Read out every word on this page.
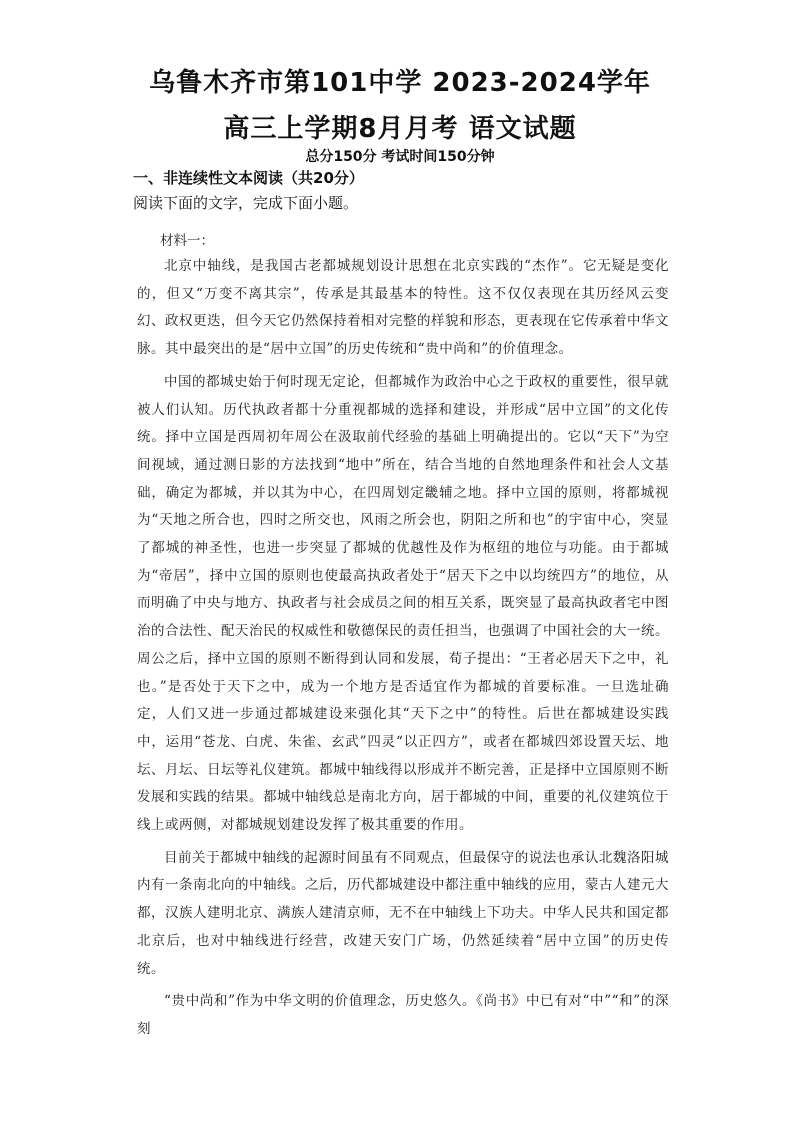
乌鲁木齐市第101中学 2023-2024学年
高三上学期8月月考 语文试题
总分150分 考试时间150分钟
一、非连续性文本阅读（共20分）
阅读下面的文字，完成下面小题。
材料一：

北京中轴线，是我国古老都城规划设计思想在北京实践的“杰作”。它无疑是变化的，但又“万变不离其宗”，传承是其最基本的特性。这不仅仅表现在其历经风云变幻、政权更迭，但今天它仍然保持着相对完整的样貌和形态，更表现在它传承着中华文脉。其中最突出的是“居中立国”的历史传统和“贵中尚和”的价值理念。

中国的都城史始于何时现无定论，但都城作为政治中心之于政权的重要性，很早就被人们认知。历代执政者都十分重视都城的选择和建设，并形成“居中立国”的文化传统。择中立国是西周初年周公在汲取前代经验的基础上明确提出的。它以“天下”为空间视域，通过测日影的方法找到“地中”所在，结合当地的自然地理条件和社会人文基础，确定为都城，并以其为中心，在四周划定畿辅之地。择中立国的原则，将都城视为“天地之所合也，四时之所交也，风雨之所会也，阴阳之所和也”的宇宙中心，突显了都城的神圣性，也进一步突显了都城的优越性及作为枢纽的地位与功能。由于都城为“帝居”，择中立国的原则也使最高执政者处于“居天下之中以均统四方”的地位，从而明确了中央与地方、执政者与社会成员之间的相互关系，既突显了最高执政者宅中图治的合法性、配天治民的权威性和敬德保民的责任担当，也强调了中国社会的大一统。周公之后，择中立国的原则不断得到认同和发展，荀子提出：“王者必居天下之中，礼也。”是否处于天下之中，成为一个地方是否适宜作为都城的首要标准。一旦选址确定，人们又进一步通过都城建设来强化其“天下之中”的特性。后世在都城建设实践中，运用“苍龙、白虎、朱雀、玄武”四灵“以正四方”，或者在都城四郊设置天坛、地坛、月坛、日坛等礼仪建筑。都城中轴线得以形成并不断完善，正是择中立国原则不断发展和实践的结果。都城中轴线总是南北方向，居于都城的中间，重要的礼仪建筑位于线上或两侧，对都城规划建设发挥了极其重要的作用。

目前关于都城中轴线的起源时间虽有不同观点，但最保守的说法也承认北魏洛阳城内有一条南北向的中轴线。之后，历代都城建设中都注重中轴线的应用，蒙古人建元大都，汉族人建明北京、满族人建清京师，无不在中轴线上下功夫。中华人民共和国定都北京后，也对中轴线进行经营，改建天安门广场，仍然延续着“居中立国”的历史传统。

“贵中尚和”作为中华文明的价值理念，历史悠久。《尚书》中已有对“中”“和”的深刻
